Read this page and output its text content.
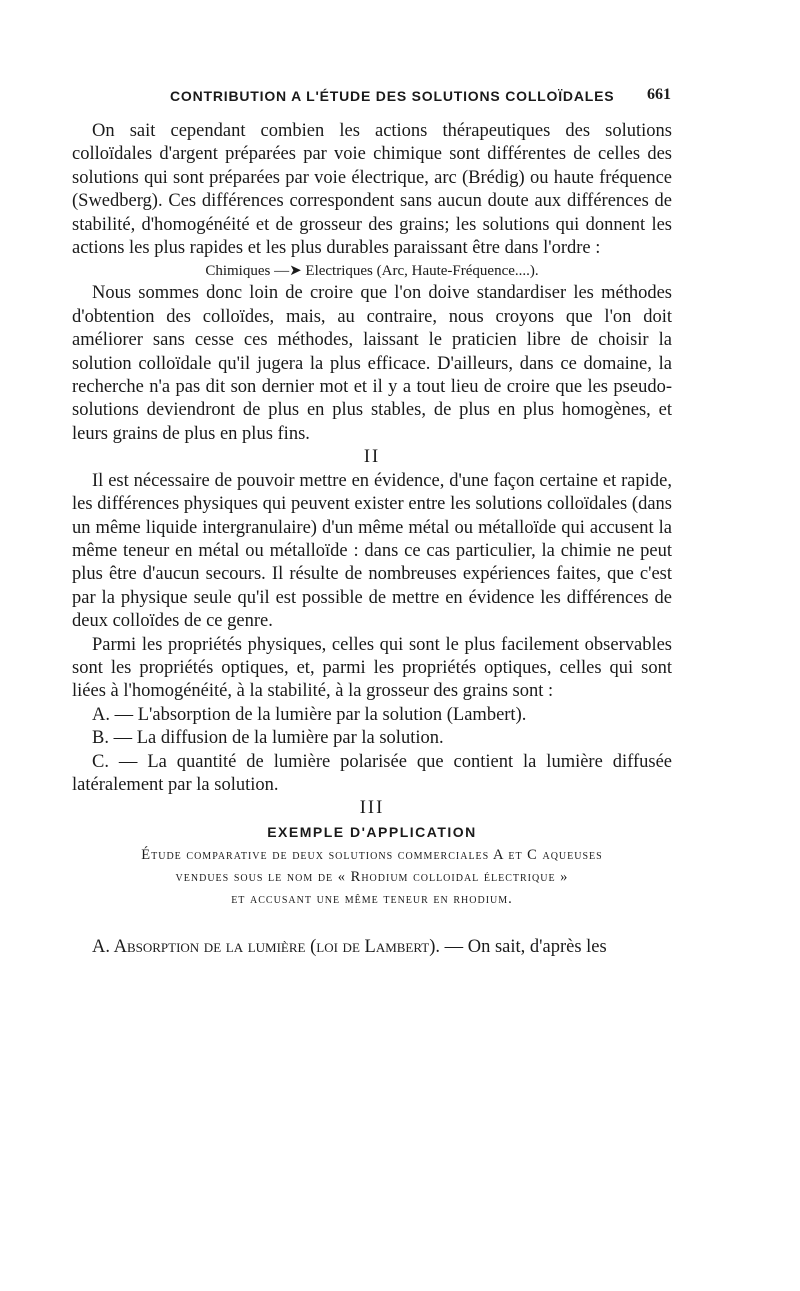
CONTRIBUTION A L'ÉTUDE DES SOLUTIONS COLLOÏDALES 661

On sait cependant combien les actions thérapeutiques des solutions colloïdales d'argent préparées par voie chimique sont différentes de celles des solutions qui sont préparées par voie électrique, arc (Brédig) ou haute fréquence (Swedberg). Ces différences correspondent sans aucun doute aux différences de stabilité, d'homogénéité et de grosseur des grains; les solutions qui donnent les actions les plus rapides et les plus durables paraissant être dans l'ordre :

Chimiques —➤ Electriques (Arc, Haute-Fréquence....).

Nous sommes donc loin de croire que l'on doive standardiser les méthodes d'obtention des colloïdes, mais, au contraire, nous croyons que l'on doit améliorer sans cesse ces méthodes, laissant le praticien libre de choisir la solution colloïdale qu'il jugera la plus efficace. D'ailleurs, dans ce domaine, la recherche n'a pas dit son dernier mot et il y a tout lieu de croire que les pseudo-solutions deviendront de plus en plus stables, de plus en plus homogènes, et leurs grains de plus en plus fins.

II

Il est nécessaire de pouvoir mettre en évidence, d'une façon certaine et rapide, les différences physiques qui peuvent exister entre les solutions colloïdales (dans un même liquide intergranulaire) d'un même métal ou métalloïde qui accusent la même teneur en métal ou métalloïde : dans ce cas particulier, la chimie ne peut plus être d'aucun secours. Il résulte de nombreuses expériences faites, que c'est par la physique seule qu'il est possible de mettre en évidence les différences de deux colloïdes de ce genre.

Parmi les propriétés physiques, celles qui sont le plus facilement observables sont les propriétés optiques, et, parmi les propriétés optiques, celles qui sont liées à l'homogénéité, à la stabilité, à la grosseur des grains sont :

A. — L'absorption de la lumière par la solution (Lambert).

B. — La diffusion de la lumière par la solution.

C. — La quantité de lumière polarisée que contient la lumière diffusée latéralement par la solution.

III

EXEMPLE D'APPLICATION

Étude comparative de deux solutions commerciales A et C aqueuses
vendues sous le nom de « Rhodium colloidal électrique »
et accusant une même teneur en rhodium.

A. Absorption de la lumière (loi de Lambert). — On sait, d'après les
